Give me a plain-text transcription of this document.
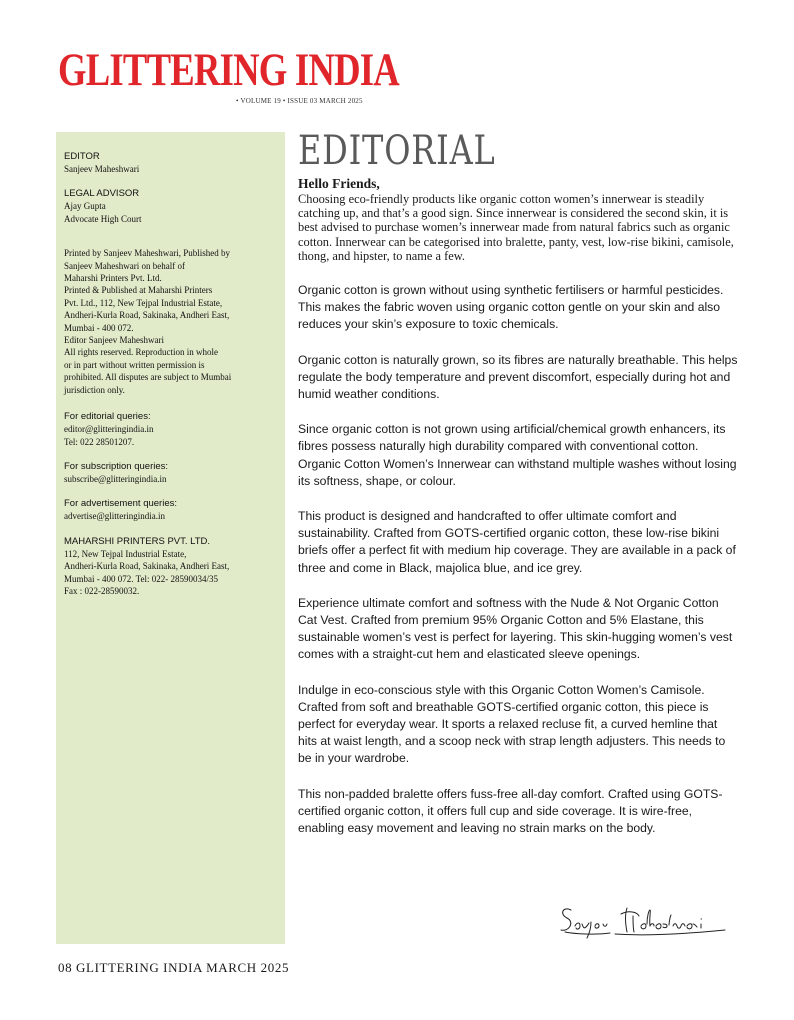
GLITTERING INDIA
• VOLUME 19 • ISSUE 03 MARCH 2025
EDITOR
Sanjeev Maheshwari
LEGAL ADVISOR
Ajay Gupta
Advocate High Court
Printed by Sanjeev Maheshwari, Published by
Sanjeev Maheshwari on behalf of
Maharshi Printers Pvt. Ltd.
Printed & Published at Maharshi Printers
Pvt. Ltd., 112, New Tejpal Industrial Estate,
Andheri-Kurla Road, Sakinaka, Andheri East,
Mumbai - 400 072.
Editor Sanjeev Maheshwari
All rights reserved. Reproduction in whole
or in part without written permission is
prohibited. All disputes are subject to Mumbai
jurisdiction only.
For editorial queries:
editor@glitteringindia.in
Tel: 022 28501207.
For subscription queries:
subscribe@glitteringindia.in
For advertisement queries:
advertise@glitteringindia.in
MAHARSHI PRINTERS PVT. LTD.
112, New Tejpal Industrial Estate,
Andheri-Kurla Road, Sakinaka, Andheri East,
Mumbai - 400 072. Tel: 022- 28590034/35
Fax : 022-28590032.
EDITORIAL

Hello Friends,

Choosing eco-friendly products like organic cotton women’s innerwear is steadily catching up, and that’s a good sign. Since innerwear is considered the second skin, it is best advised to purchase women’s innerwear made from natural fabrics such as organic cotton. Innerwear can be categorised into bralette, panty, vest, low-rise bikini, camisole, thong, and hipster, to name a few.

Organic cotton is grown without using synthetic fertilisers or harmful pesticides. This makes the fabric woven using organic cotton gentle on your skin and also reduces your skin’s exposure to toxic chemicals.

Organic cotton is naturally grown, so its fibres are naturally breathable. This helps regulate the body temperature and prevent discomfort, especially during hot and humid weather conditions.

Since organic cotton is not grown using artificial/chemical growth enhancers, its fibres possess naturally high durability compared with conventional cotton. Organic Cotton Women’s Innerwear can withstand multiple washes without losing its softness, shape, or colour.

This product is designed and handcrafted to offer ultimate comfort and sustainability. Crafted from GOTS-certified organic cotton, these low-rise bikini briefs offer a perfect fit with medium hip coverage. They are available in a pack of three and come in Black, majolica blue, and ice grey.

Experience ultimate comfort and softness with the Nude & Not Organic Cotton Cat Vest. Crafted from premium 95% Organic Cotton and 5% Elastane, this sustainable women’s vest is perfect for layering. This skin-hugging women’s vest comes with a straight-cut hem and elasticated sleeve openings.

Indulge in eco-conscious style with this Organic Cotton Women’s Camisole. Crafted from soft and breathable GOTS-certified organic cotton, this piece is perfect for everyday wear. It sports a relaxed recluse fit, a curved hemline that hits at waist length, and a scoop neck with strap length adjusters. This needs to be in your wardrobe.

This non-padded bralette offers fuss-free all-day comfort. Crafted using GOTS-certified organic cotton, it offers full cup and side coverage. It is wire-free, enabling easy movement and leaving no strain marks on the body.

08 GLITTERING INDIA MARCH 2025
